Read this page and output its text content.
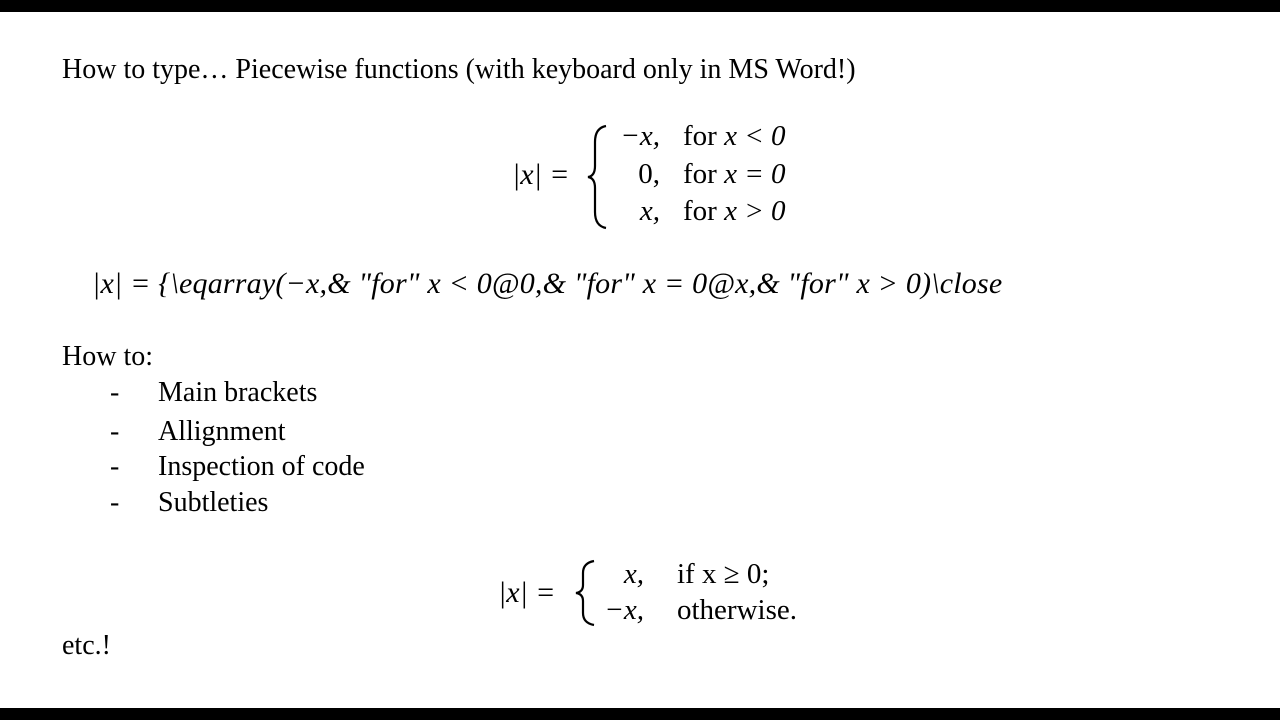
How to type… Piecewise functions (with keyboard only in MS Word!)
|x| =
−x, for x < 0
0, for x = 0
x, for x > 0
|x| = {\eqarray(−x,& "for" x < 0@0,& "for" x = 0@x,& "for" x > 0)\close
How to:
- Main brackets
- Allignment
- Inspection of code
- Subtleties
|x| =
x, if x ≥ 0;
−x, otherwise.
etc.!
